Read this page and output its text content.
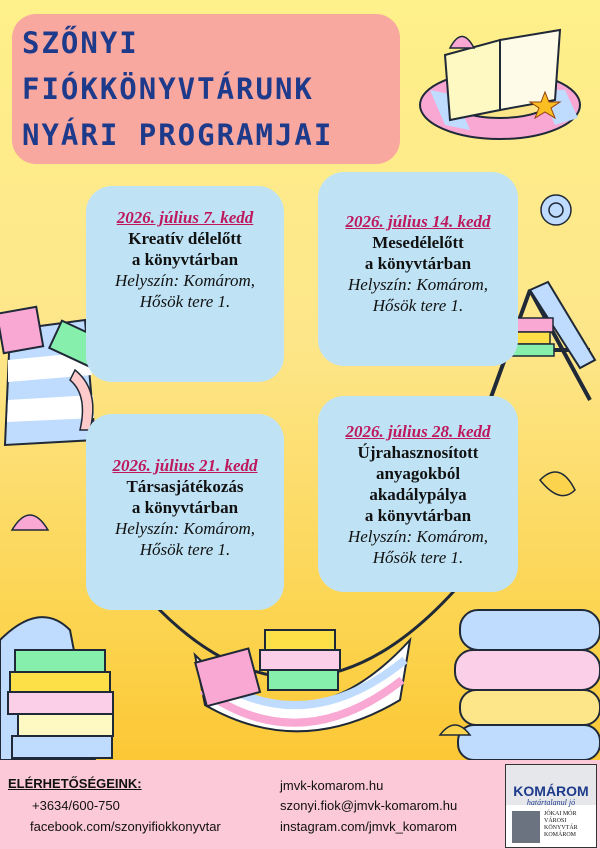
SZŐNYI
FIÓKKÖNYVTÁRUNK
NYÁRI PROGRAMJAI
2026. július 7. kedd
Kreatív délelőtt
a könyvtárban
Helyszín: Komárom,
Hősök tere 1.
2026. július 14. kedd
Mesedélelőtt
a könyvtárban
Helyszín: Komárom,
Hősök tere 1.
2026. július 21. kedd
Társasjátékozás
a könyvtárban
Helyszín: Komárom,
Hősök tere 1.
2026. július 28. kedd
Újrahasznosított
anyagokból
akadálypálya
a könyvtárban
Helyszín: Komárom,
Hősök tere 1.
ELÉRHETŐSÉGEINK:
+3634/600-750
facebook.com/szonyifiokkonyvtar
jmvk-komarom.hu
szonyi.fiok@jmvk-komarom.hu
instagram.com/jmvk_komarom
KOMÁROM
határtalanul jó
JÓKAI MÓR
VÁROSI
KÖNYVTÁR
KOMÁROM
